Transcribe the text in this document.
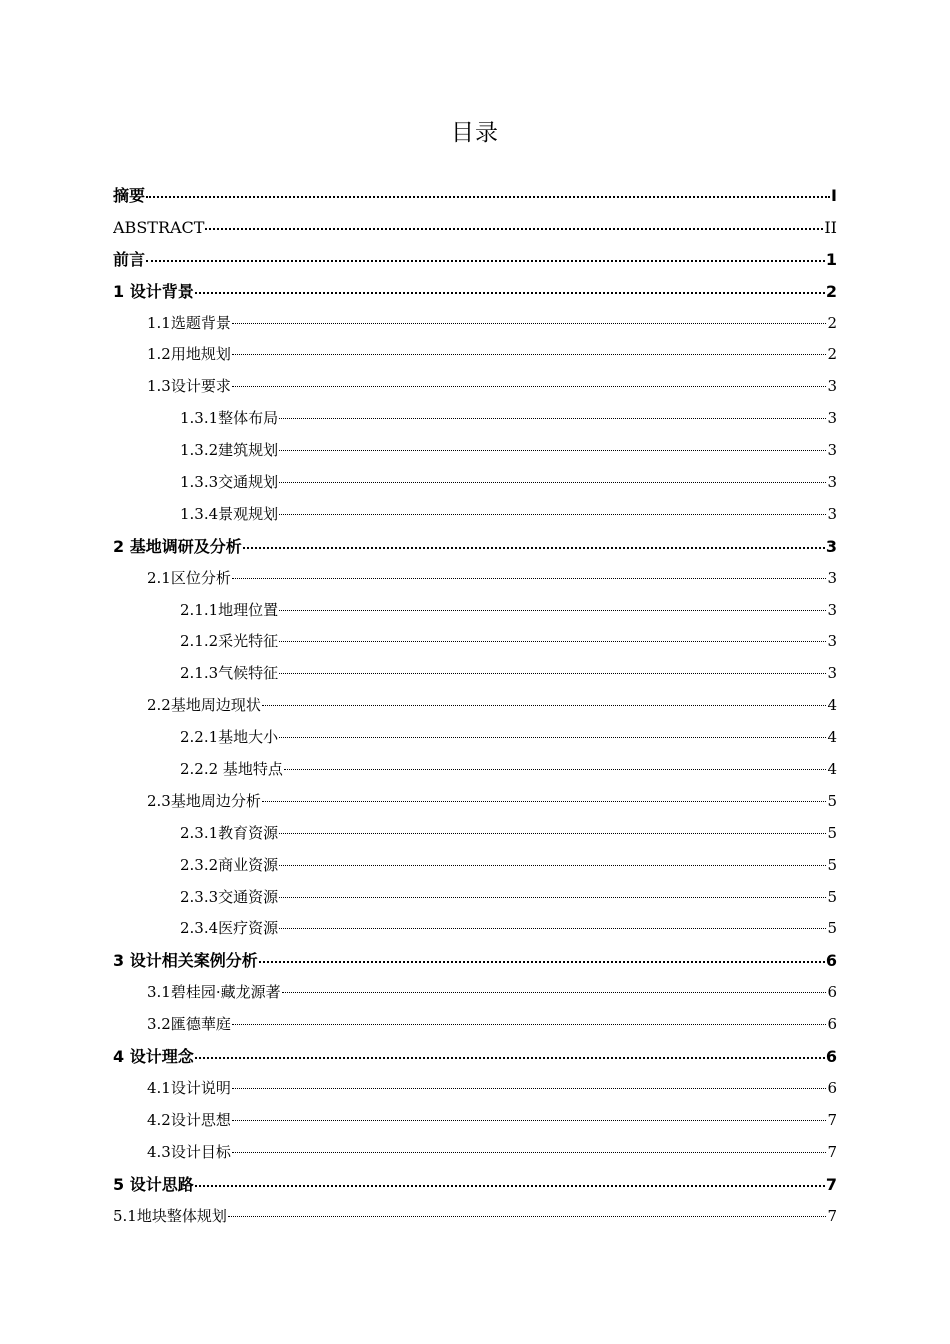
目录
摘要	I
ABSTRACT	II
前言	1
1 设计背景	2
1.1选题背景	2
1.2用地规划	2
1.3设计要求	3
1.3.1整体布局	3
1.3.2建筑规划	3
1.3.3交通规划	3
1.3.4景观规划	3
2 基地调研及分析	3
2.1区位分析	3
2.1.1地理位置	3
2.1.2采光特征	3
2.1.3气候特征	3
2.2基地周边现状	4
2.2.1基地大小	4
2.2.2 基地特点	4
2.3基地周边分析	5
2.3.1教育资源	5
2.3.2商业资源	5
2.3.3交通资源	5
2.3.4医疗资源	5
3 设计相关案例分析	6
3.1碧桂园·藏龙源著	6
3.2匯德華庭	6
4 设计理念	6
4.1设计说明	6
4.2设计思想	7
4.3设计目标	7
5 设计思路	7
5.1地块整体规划	7
